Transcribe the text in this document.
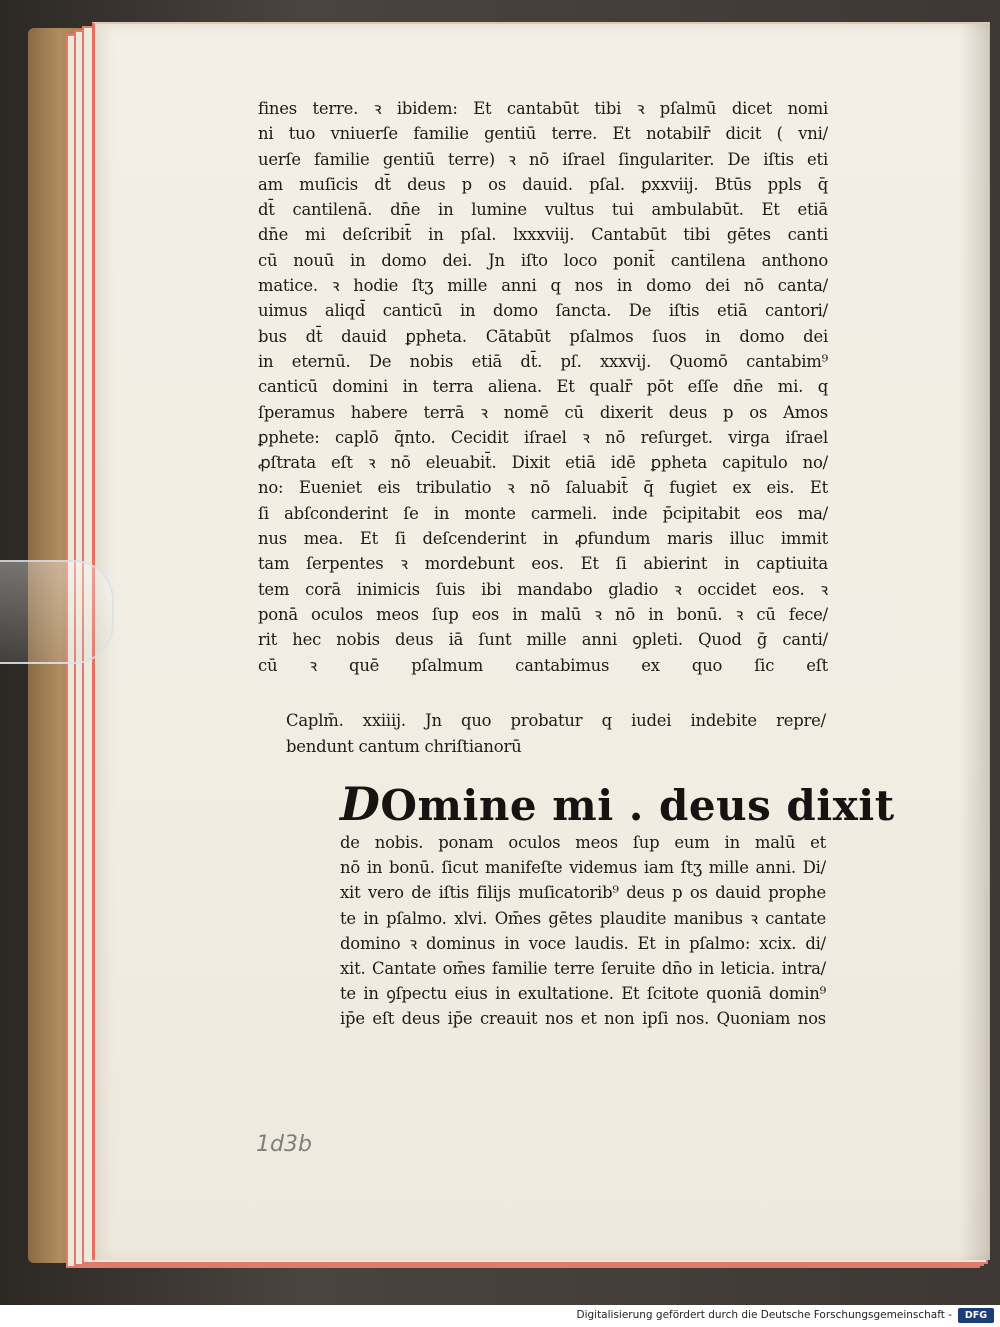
fines terre. ꝛ ibidem: Et cantabūt tibi ꝛ pſalmū dicet nomi
ni tuo vniuerſe familie gentiū terre. Et notabilr̄ dicit ( vni/
uerſe familie gentiū terre) ꝛ nō iſrael ſingulariter. De iſtis eti
am muſicis dt̄ deus p os dauid. pſal. ꝑxxviij. Btūs ppls q̄
dt̄ cantilenā. dn̄e in lumine vultus tui ambulabūt. Et etiā
dn̄e mi deſcribit̄ in pſal. lxxxviij. Cantabūt tibi gētes canti
cū nouū in domo dei. Jn iſto loco ponit̄ cantilena anthono
matice. ꝛ hodie ſtʒ mille anni q nos in domo dei nō canta/
uimus aliqd̄ canticū in domo ſancta. De iſtis etiā cantori/
bus dt̄ dauid ꝑpheta. Cātabūt pſalmos ſuos in domo dei
in eternū. De nobis etiā dt̄. pſ. xxxvij. Quomō cantabim⁹
canticū domini in terra aliena. Et qualr̄ pōt eſſe dn̄e mi. q
ſperamus habere terrā ꝛ nomē cū dixerit deus p os Amos
ꝑphete: caplō q̄nto. Cecidit iſrael ꝛ nō reſurget. virga iſrael
ꝓſtrata eſt ꝛ nō eleuabit̄. Dixit etiā idē ꝑpheta capitulo no/
no: Eueniet eis tribulatio ꝛ nō ſaluabit̄ q̄ fugiet ex eis. Et
ſi abſconderint ſe in monte carmeli. inde p̄cipitabit eos ma/
nus mea. Et ſi deſcenderint in ꝓfundum maris illuc immit
tam ſerpentes ꝛ mordebunt eos. Et ſi abierint in captiuita
tem corā inimicis ſuis ibi mandabo gladio ꝛ occidet eos. ꝛ
ponā oculos meos ſup eos in malū ꝛ nō in bonū. ꝛ cū fece/
rit hec nobis deus iā ſunt mille anni ꝯpleti. Quod ḡ canti/
cū ꝛ quē pſalmum cantabimus ex quo ſic eſt
Caplm̄. xxiiij. Jn quo probatur q iudei indebite repre/
bendunt cantum chriſtianorū
DOmine mi . deus dixit
de nobis. ponam oculos meos ſup eum in malū et
nō in bonū. ſicut manifeſte videmus iam ſtʒ mille anni. Di/
xit vero de iſtis filijs muſicatorib⁹ deus p os dauid prophe
te in pſalmo. xlvi. Om̄es gētes plaudite manibus ꝛ cantate
domino ꝛ dominus in voce laudis. Et in pſalmo: xcix. di/
xit. Cantate om̄es familie terre ſeruite dn̄o in leticia. intra/
te in ꝯſpectu eius in exultatione. Et ſcitote quoniā domin⁹
ip̄e eſt deus ip̄e creauit nos et non ipſi nos. Quoniam nos
1d3b
Digitalisierung gefördert durch die Deutsche Forschungsgemeinschaft -	DFG
